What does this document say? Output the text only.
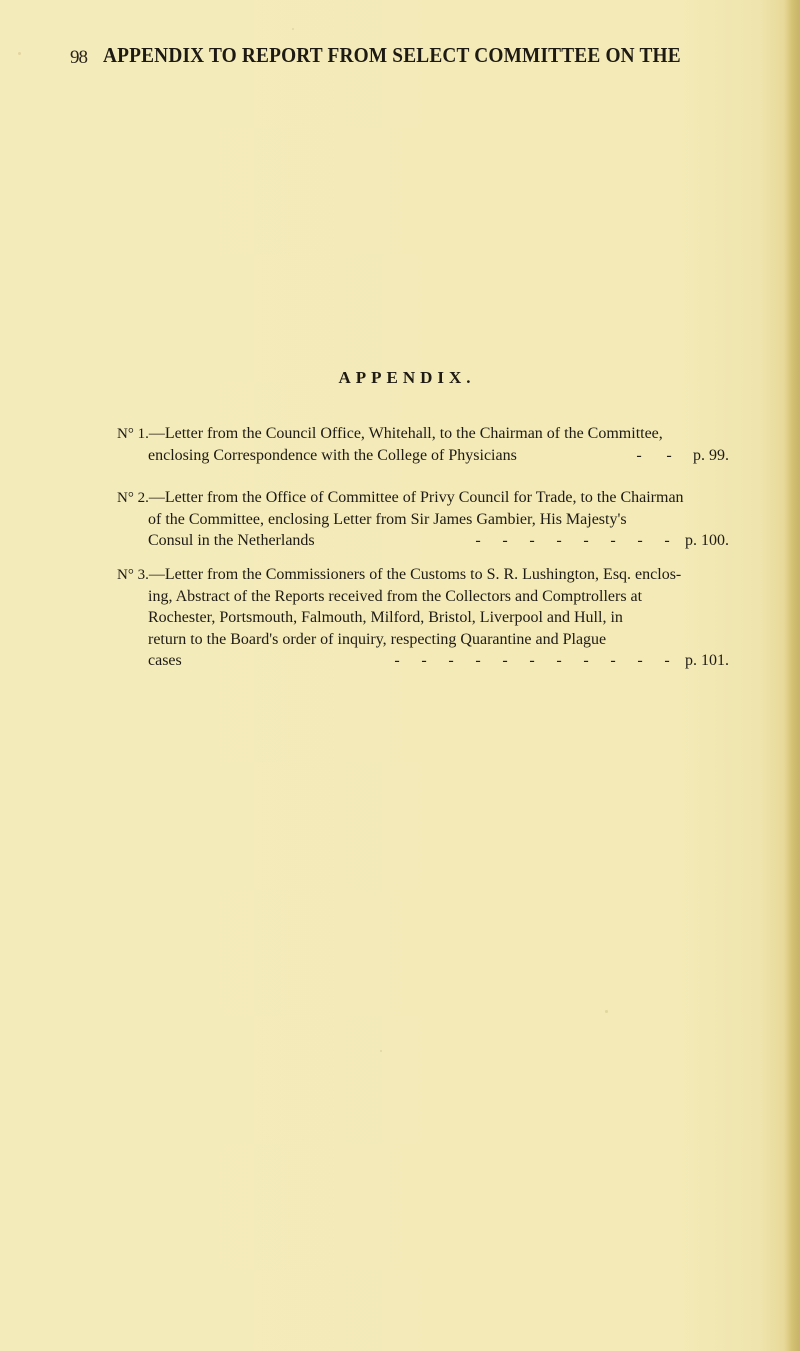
98 APPENDIX TO REPORT FROM SELECT COMMITTEE ON THE
APPENDIX.
N° 1.—Letter from the Council Office, Whitehall, to the Chairman of the Committee,
enclosing Correspondence with the College of Physicians	- - p. 99.
N° 2.—Letter from the Office of Committee of Privy Council for Trade, to the Chairman
of the Committee, enclosing Letter from Sir James Gambier, His Majesty's
Consul in the Netherlands	- - - - - - - - p. 100.
N° 3.—Letter from the Commissioners of the Customs to S. R. Lushington, Esq. enclos-
ing, Abstract of the Reports received from the Collectors and Comptrollers at
Rochester, Portsmouth, Falmouth, Milford, Bristol, Liverpool and Hull, in
return to the Board's order of inquiry, respecting Quarantine and Plague
cases	- - - - - - - - - - - p. 101.
